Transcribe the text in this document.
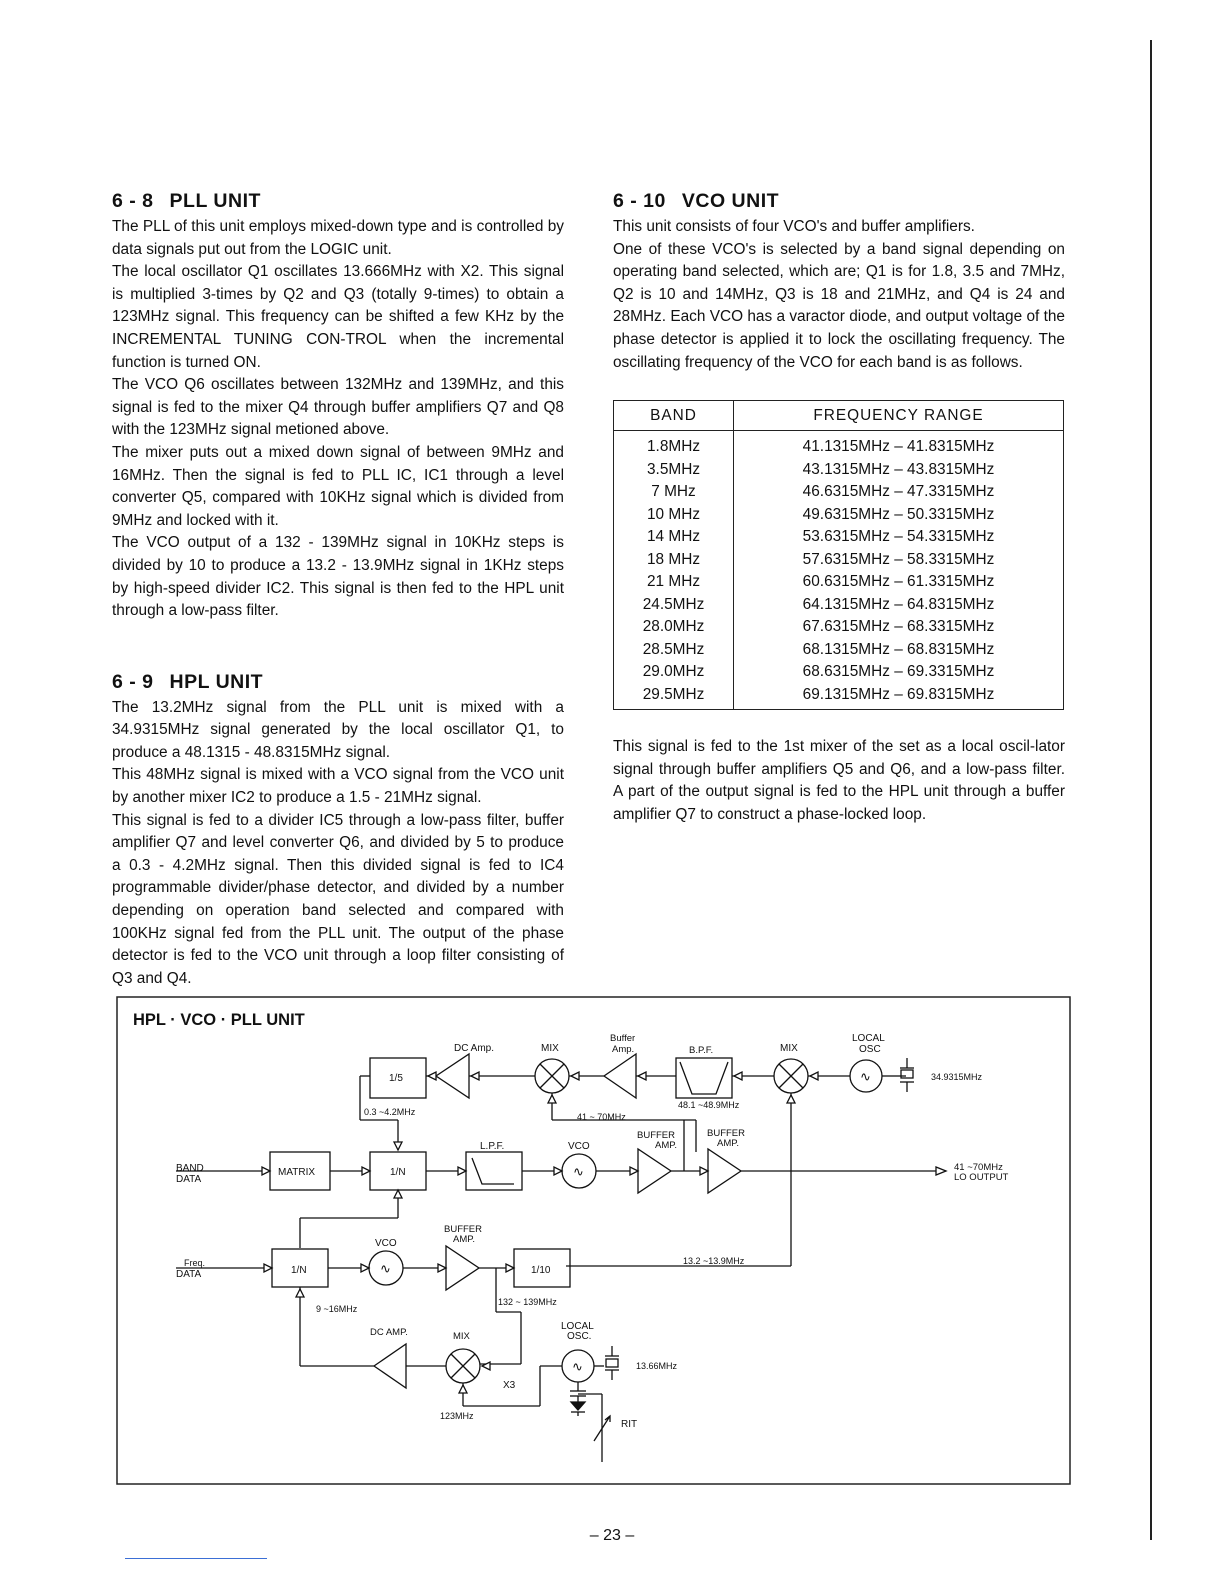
6 - 8 PLL UNIT

The PLL of this unit employs mixed-down type and is controlled by data signals put out from the LOGIC unit.

The local oscillator Q1 oscillates 13.666MHz with X2. This signal is multiplied 3-times by Q2 and Q3 (totally 9-times) to obtain a 123MHz signal. This frequency can be shifted a few KHz by the INCREMENTAL TUNING CON-TROL when the incremental function is turned ON.

The VCO Q6 oscillates between 132MHz and 139MHz, and this signal is fed to the mixer Q4 through buffer amplifiers Q7 and Q8 with the 123MHz signal metioned above.

The mixer puts out a mixed down signal of between 9MHz and 16MHz. Then the signal is fed to PLL IC, IC1 through a level converter Q5, compared with 10KHz signal which is divided from 9MHz and locked with it.

The VCO output of a 132 - 139MHz signal in 10KHz steps is divided by 10 to produce a 13.2 - 13.9MHz signal in 1KHz steps by high-speed divider IC2. This signal is then fed to the HPL unit through a low-pass filter.

6 - 9 HPL UNIT

The 13.2MHz signal from the PLL unit is mixed with a 34.9315MHz signal generated by the local oscillator Q1, to produce a 48.1315 - 48.8315MHz signal.

This 48MHz signal is mixed with a VCO signal from the VCO unit by another mixer IC2 to produce a 1.5 - 21MHz signal.

This signal is fed to a divider IC5 through a low-pass filter, buffer amplifier Q7 and level converter Q6, and divided by 5 to produce a 0.3 - 4.2MHz signal. Then this divided signal is fed to IC4 programmable divider/phase detector, and divided by a number depending on operation band selected and compared with 100KHz signal fed from the PLL unit. The output of the phase detector is fed to the VCO unit through a loop filter consisting of Q3 and Q4.

6 - 10 VCO UNIT

This unit consists of four VCO's and buffer amplifiers.

One of these VCO's is selected by a band signal depending on operating band selected, which are; Q1 is for 1.8, 3.5 and 7MHz, Q2 is 10 and 14MHz, Q3 is 18 and 21MHz, and Q4 is 24 and 28MHz. Each VCO has a varactor diode, and output voltage of the phase detector is applied it to lock the oscillating frequency. The oscillating frequency of the VCO for each band is as follows.

BAND	FREQUENCY RANGE
1.8MHz	41.1315MHz – 41.8315MHz
3.5MHz	43.1315MHz – 43.8315MHz
7 MHz	46.6315MHz – 47.3315MHz
10 MHz	49.6315MHz – 50.3315MHz
14 MHz	53.6315MHz – 54.3315MHz
18 MHz	57.6315MHz – 58.3315MHz
21 MHz	60.6315MHz – 61.3315MHz
24.5MHz	64.1315MHz – 64.8315MHz
28.0MHz	67.6315MHz – 68.3315MHz
28.5MHz	68.1315MHz – 68.8315MHz
29.0MHz	68.6315MHz – 69.3315MHz
29.5MHz	69.1315MHz – 69.8315MHz

This signal is fed to the 1st mixer of the set as a local oscil-lator signal through buffer amplifiers Q5 and Q6, and a low-pass filter. A part of the output signal is fed to the HPL unit through a buffer amplifier Q7 to construct a phase-locked loop.

HPL · VCO · PLL UNIT
DC Amp.	MIX
Buffer
Amp.	B.P.F.	MIX
LOCAL
OSC
34.9315MHz
1/5
0.3 ~4.2MHz
48.1 ~48.9MHz
41 ~ 70MHz
BUFFER
AMP.
BUFFER
AMP.
L.P.F.	VCO
BAND
DATA
MATRIX	1/N	41 ~70MHz
LO OUTPUT
BUFFER
AMP.
VCO
Freq.
DATA	1/N	1/10
13.2 ~13.9MHz
132 ~ 139MHz
9 ~16MHz
DC AMP.	MIX
LOCAL
OSC.
13.66MHz
X3
123MHz
RIT
∿
∿
∿
∿
– 23 –
